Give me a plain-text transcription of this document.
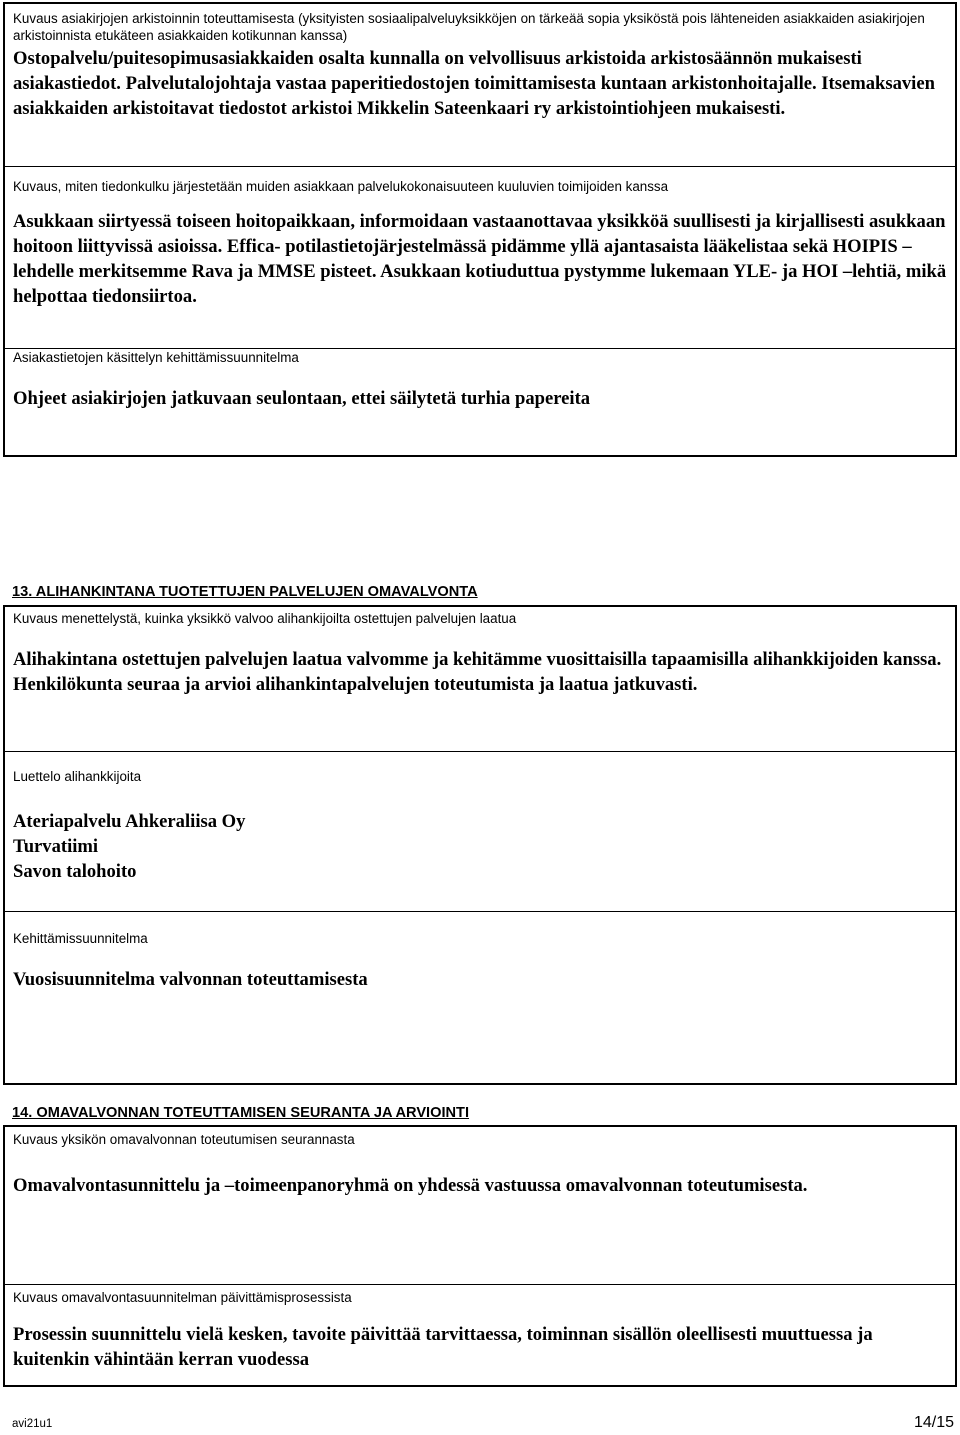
Kuvaus asiakirjojen arkistoinnin toteuttamisesta (yksityisten sosiaalipalveluyksikköjen on tärkeää sopia yksiköstä pois lähteneiden asiakkaiden asiakirjojen arkistoinnista etukäteen asiakkaiden kotikunnan kanssa)

Ostopalvelu/puitesopimusasiakkaiden osalta kunnalla on velvollisuus arkistoida arkistosäännön mukaisesti asiakastiedot. Palvelutalojohtaja vastaa paperitiedostojen toimittamisesta kuntaan arkistonhoitajalle. Itsemaksavien asiakkaiden arkistoitavat tiedostot arkistoi Mikkelin Sateenkaari ry arkistointiohjeen mukaisesti.

Kuvaus, miten tiedonkulku järjestetään muiden asiakkaan palvelukokonaisuuteen kuuluvien toimijoiden kanssa

Asukkaan siirtyessä toiseen hoitopaikkaan, informoidaan vastaanottavaa yksikköä suullisesti ja kirjallisesti asukkaan hoitoon liittyvissä asioissa. Effica- potilastietojärjestelmässä pidämme yllä ajantasaista lääkelistaa sekä HOIPIS –lehdelle merkitsemme Rava ja MMSE pisteet. Asukkaan kotiuduttua pystymme lukemaan YLE- ja HOI –lehtiä, mikä helpottaa tiedonsiirtoa.

Asiakastietojen käsittelyn kehittämissuunnitelma

Ohjeet asiakirjojen jatkuvaan seulontaan, ettei säilytetä turhia papereita

13. ALIHANKINTANA TUOTETTUJEN PALVELUJEN OMAVALVONTA

Kuvaus menettelystä, kuinka yksikkö valvoo alihankijoilta ostettujen palvelujen laatua

Alihakintana ostettujen palvelujen laatua valvomme ja kehitämme vuosittaisilla tapaamisilla alihankkijoiden kanssa.

Henkilökunta seuraa ja arvioi alihankintapalvelujen toteutumista ja laatua jatkuvasti.

Luettelo alihankkijoita

Ateriapalvelu Ahkeraliisa Oy

Turvatiimi

Savon talohoito

Kehittämissuunnitelma

Vuosisuunnitelma valvonnan toteuttamisesta

14. OMAVALVONNAN TOTEUTTAMISEN SEURANTA JA ARVIOINTI

Kuvaus yksikön omavalvonnan toteutumisen seurannasta

Omavalvontasunnittelu ja –toimeenpanoryhmä on yhdessä vastuussa omavalvonnan toteutumisesta.

Kuvaus omavalvontasuunnitelman päivittämisprosessista

Prosessin suunnittelu vielä kesken, tavoite päivittää tarvittaessa, toiminnan sisällön oleellisesti muuttuessa ja kuitenkin vähintään kerran vuodessa

avi21u1	14/15
